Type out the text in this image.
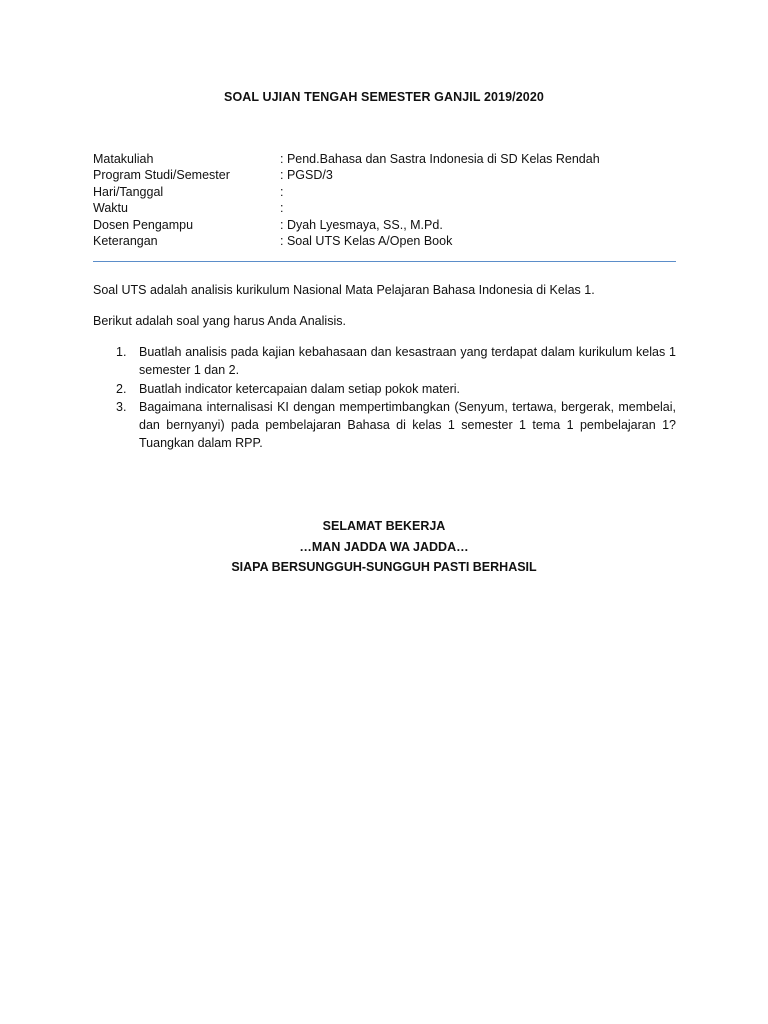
SOAL UJIAN TENGAH SEMESTER GANJIL 2019/2020
Matakuliah	: Pend.Bahasa dan Sastra Indonesia di SD Kelas Rendah
Program Studi/Semester	: PGSD/3
Hari/Tanggal	:
Waktu	:
Dosen Pengampu	: Dyah Lyesmaya, SS., M.Pd.
Keterangan	: Soal UTS Kelas A/Open Book
Soal UTS adalah analisis kurikulum Nasional Mata Pelajaran Bahasa Indonesia di Kelas 1.
Berikut adalah soal yang harus Anda Analisis.
1.	Buatlah analisis pada kajian kebahasaan dan kesastraan yang terdapat dalam kurikulum kelas 1 semester 1 dan 2.
2.	Buatlah indicator ketercapaian dalam setiap pokok materi.
3.	Bagaimana internalisasi KI dengan mempertimbangkan (Senyum, tertawa, bergerak, membelai, dan bernyanyi) pada pembelajaran Bahasa di kelas 1 semester 1 tema 1 pembelajaran 1? Tuangkan dalam RPP.
SELAMAT BEKERJA
…MAN JADDA WA JADDA…
SIAPA BERSUNGGUH-SUNGGUH PASTI BERHASIL
